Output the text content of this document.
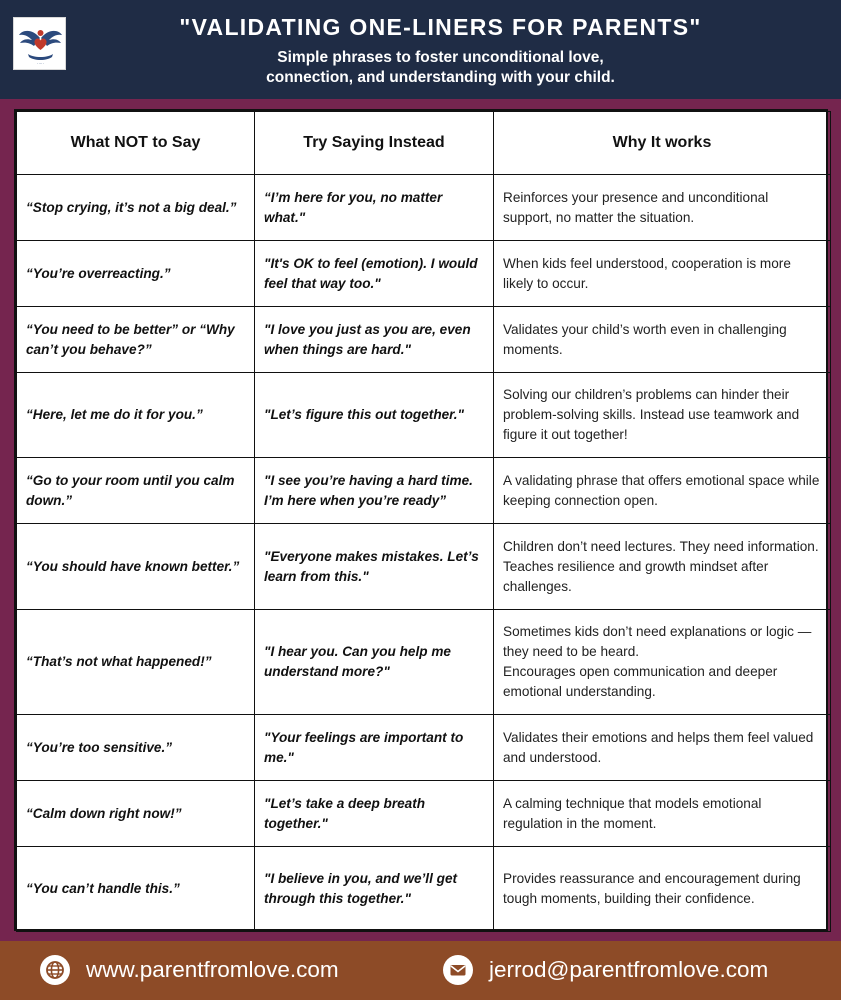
·····
"VALIDATING ONE-LINERS FOR PARENTS"
Simple phrases to foster unconditional love,
connection, and understanding with your child.
What NOT to Say	Try Saying Instead	Why It works
“Stop crying, it’s not a big deal.”	“I’m here for you, no matter what."	Reinforces your presence and unconditional support, no matter the situation.

“You’re overreacting.”	"It's OK to feel (emotion). I would feel that way too."	When kids feel understood, cooperation is more likely to occur.

“You need to be better” or “Why can’t you behave?”	"I love you just as you are, even when things are hard."	Validates your child’s worth even in challenging moments.

“Here, let me do it for you.”	"Let’s figure this out together."	Solving our children’s problems can hinder their problem-solving skills. Instead use teamwork and figure it out together!

“Go to your room until you calm down.”	"I see you’re having a hard time. I’m here when you’re ready”	A validating phrase that offers emotional space while keeping connection open.

“You should have known better.”	"Everyone makes mistakes. Let’s learn from this."	Children don’t need lectures. They need information. Teaches resilience and growth mindset after challenges.

“That’s not what happened!”	"I hear you. Can you help me understand more?"	Sometimes kids don’t need explanations or logic — they need to be heard.
Encourages open communication and deeper emotional understanding.

“You’re too sensitive.”	"Your feelings are important to me."	Validates their emotions and helps them feel valued and understood.

“Calm down right now!”	"Let’s take a deep breath together."	A calming technique that models emotional regulation in the moment.

“You can’t handle this.”	"I believe in you, and we’ll get through this together."	Provides reassurance and encouragement during tough moments, building their confidence.
www.parentfromlove.com	jerrod@parentfromlove.com
